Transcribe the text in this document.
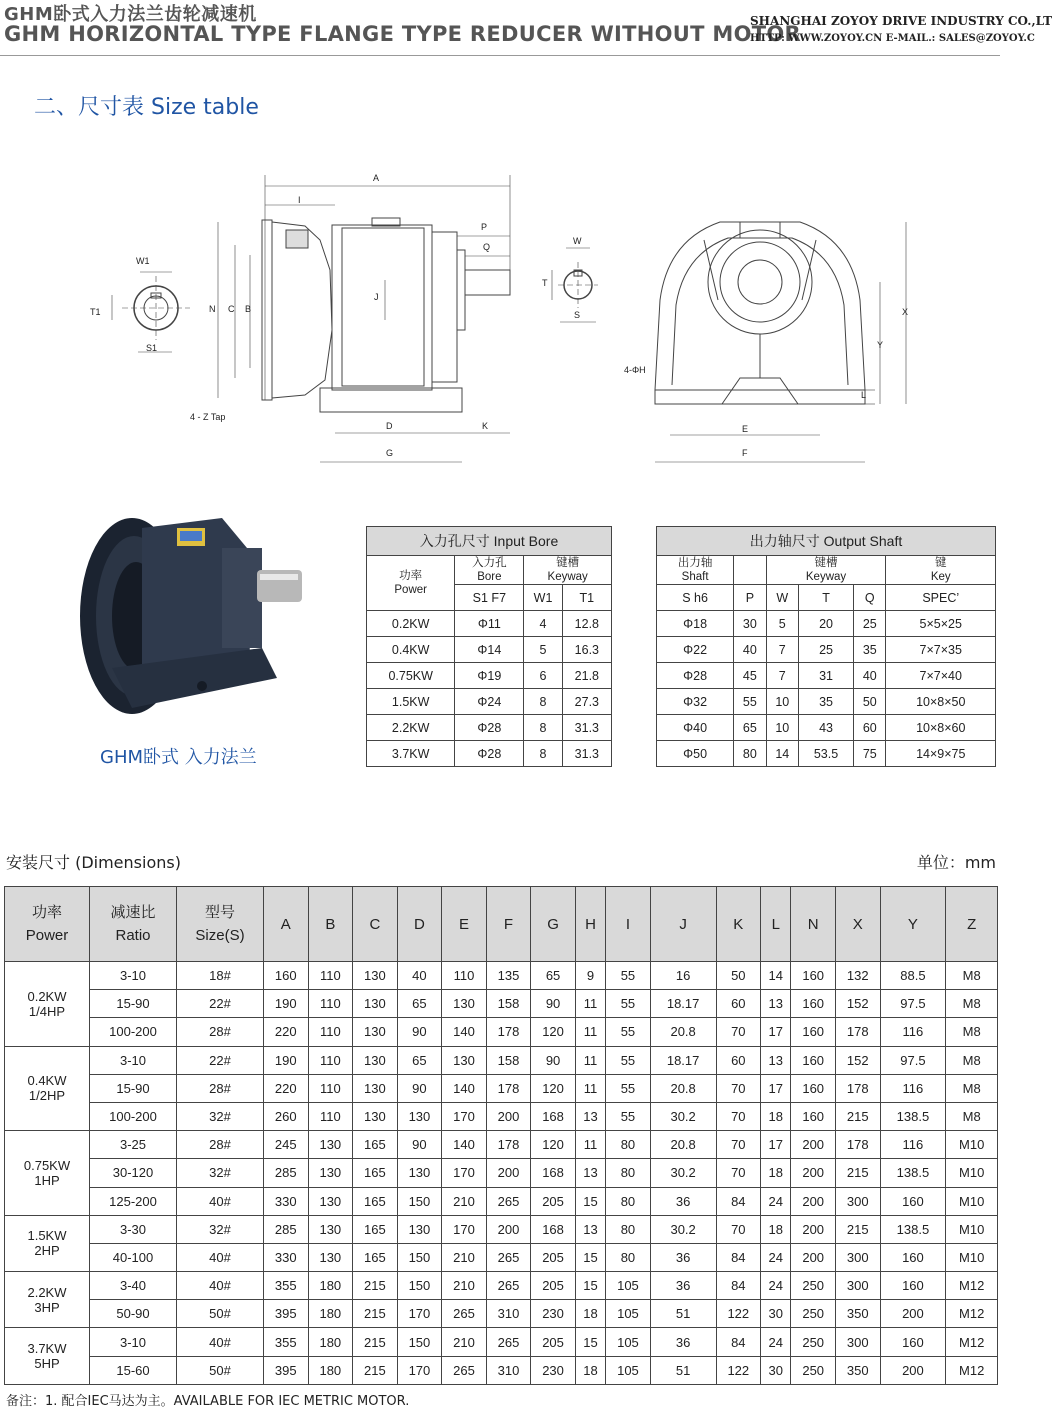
GHM卧式入力法兰齿轮减速机
GHM HORIZONTAL TYPE FLANGE TYPE REDUCER WITHOUT MOTOR
SHANGHAI ZOYOY DRIVE INDUSTRY CO.,LT
HTTP: WWW.ZOYOY.CN E-MAIL.: SALES@ZOYOY.C
二、尺寸表 Size table
W1
T1
S1
A
I
P
Q
N C B
J
4 - Z Tap
D	K
G
W
T
S	X
Y
L
4-ΦH
E
F
GHM卧式 入力法兰
入力孔尺寸 Input Bore			
功率
Power	入力孔
Bore	键槽
Keyway	
	S1 F7	W1	T1
0.2KW	Φ11	4	12.8
0.4KW	Φ14	5	16.3
0.75KW	Φ19	6	21.8
1.5KW	Φ24	8	27.3
2.2KW	Φ28	8	31.3
3.7KW	Φ28	8	31.3
出力轴尺寸 Output Shaft					
出力轴
Shaft		键槽
Keyway			键
Key
S h6	P	W	T	Q	SPEC’
Φ18	30	5	20	25	5×5×25
Φ22	40	7	25	35	7×7×35
Φ28	45	7	31	40	7×7×40
Φ32	55	10	35	50	10×8×50
Φ40	65	10	43	60	10×8×60
Φ50	80	14	53.5	75	14×9×75
安装尺寸 (Dimensions)	单位：mm
功率
Power	减速比
Ratio	型号
Size(S)	A	B	C	D	E	F	G	H	I	J	K	L	N	X	Y	Z
0.2KW
1/4HP	3-10	18#	160	110	130	40	110	135	65	9	55	16	50	14	160	132	88.5	M8
	15-90	22#	190	110	130	65	130	158	90	11	55	18.17	60	13	160	152	97.5	M8
	100-200	28#	220	110	130	90	140	178	120	11	55	20.8	70	17	160	178	116	M8
0.4KW
1/2HP	3-10	22#	190	110	130	65	130	158	90	11	55	18.17	60	13	160	152	97.5	M8
	15-90	28#	220	110	130	90	140	178	120	11	55	20.8	70	17	160	178	116	M8
	100-200	32#	260	110	130	130	170	200	168	13	55	30.2	70	18	160	215	138.5	M8
0.75KW
1HP	3-25	28#	245	130	165	90	140	178	120	11	80	20.8	70	17	200	178	116	M10
	30-120	32#	285	130	165	130	170	200	168	13	80	30.2	70	18	200	215	138.5	M10
	125-200	40#	330	130	165	150	210	265	205	15	80	36	84	24	200	300	160	M10
1.5KW
2HP	3-30	32#	285	130	165	130	170	200	168	13	80	30.2	70	18	200	215	138.5	M10
	40-100	40#	330	130	165	150	210	265	205	15	80	36	84	24	200	300	160	M10
2.2KW
3HP	3-40	40#	355	180	215	150	210	265	205	15	105	36	84	24	250	300	160	M12
	50-90	50#	395	180	215	170	265	310	230	18	105	51	122	30	250	350	200	M12
3.7KW
5HP	3-10	40#	355	180	215	150	210	265	205	15	105	36	84	24	250	300	160	M12
	15-60	50#	395	180	215	170	265	310	230	18	105	51	122	30	250	350	200	M12
备注：1. 配合IEC马达为主。AVAILABLE FOR IEC METRIC MOTOR.
